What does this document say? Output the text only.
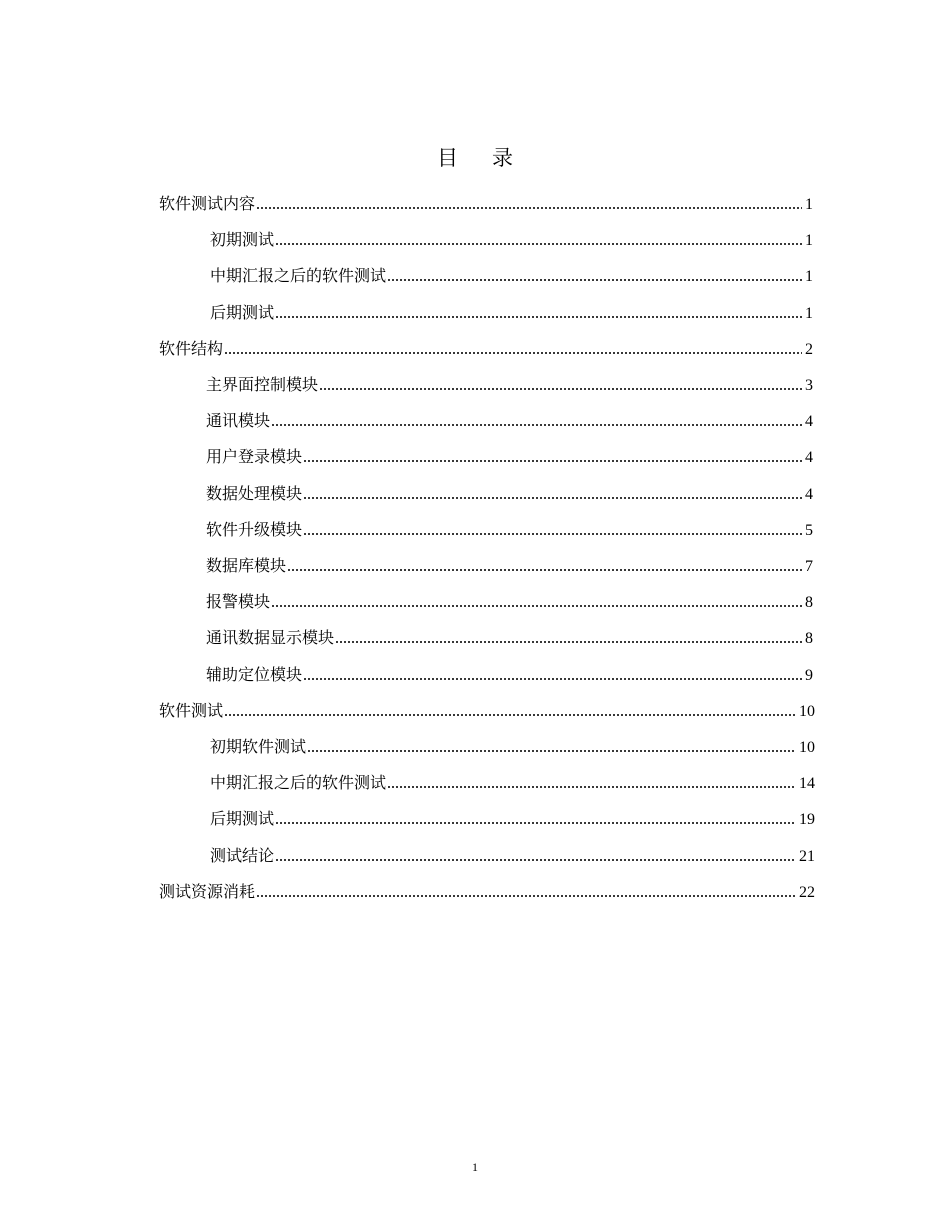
目 录
软件测试内容	1
初期测试	1
中期汇报之后的软件测试	1
后期测试	1
软件结构	2
主界面控制模块	3
通讯模块	4
用户登录模块	4
数据处理模块	4
软件升级模块	5
数据库模块	7
报警模块	8
通讯数据显示模块	8
辅助定位模块	9
软件测试	10
初期软件测试	10
中期汇报之后的软件测试	14
后期测试	19
测试结论	21
测试资源消耗	22
1
